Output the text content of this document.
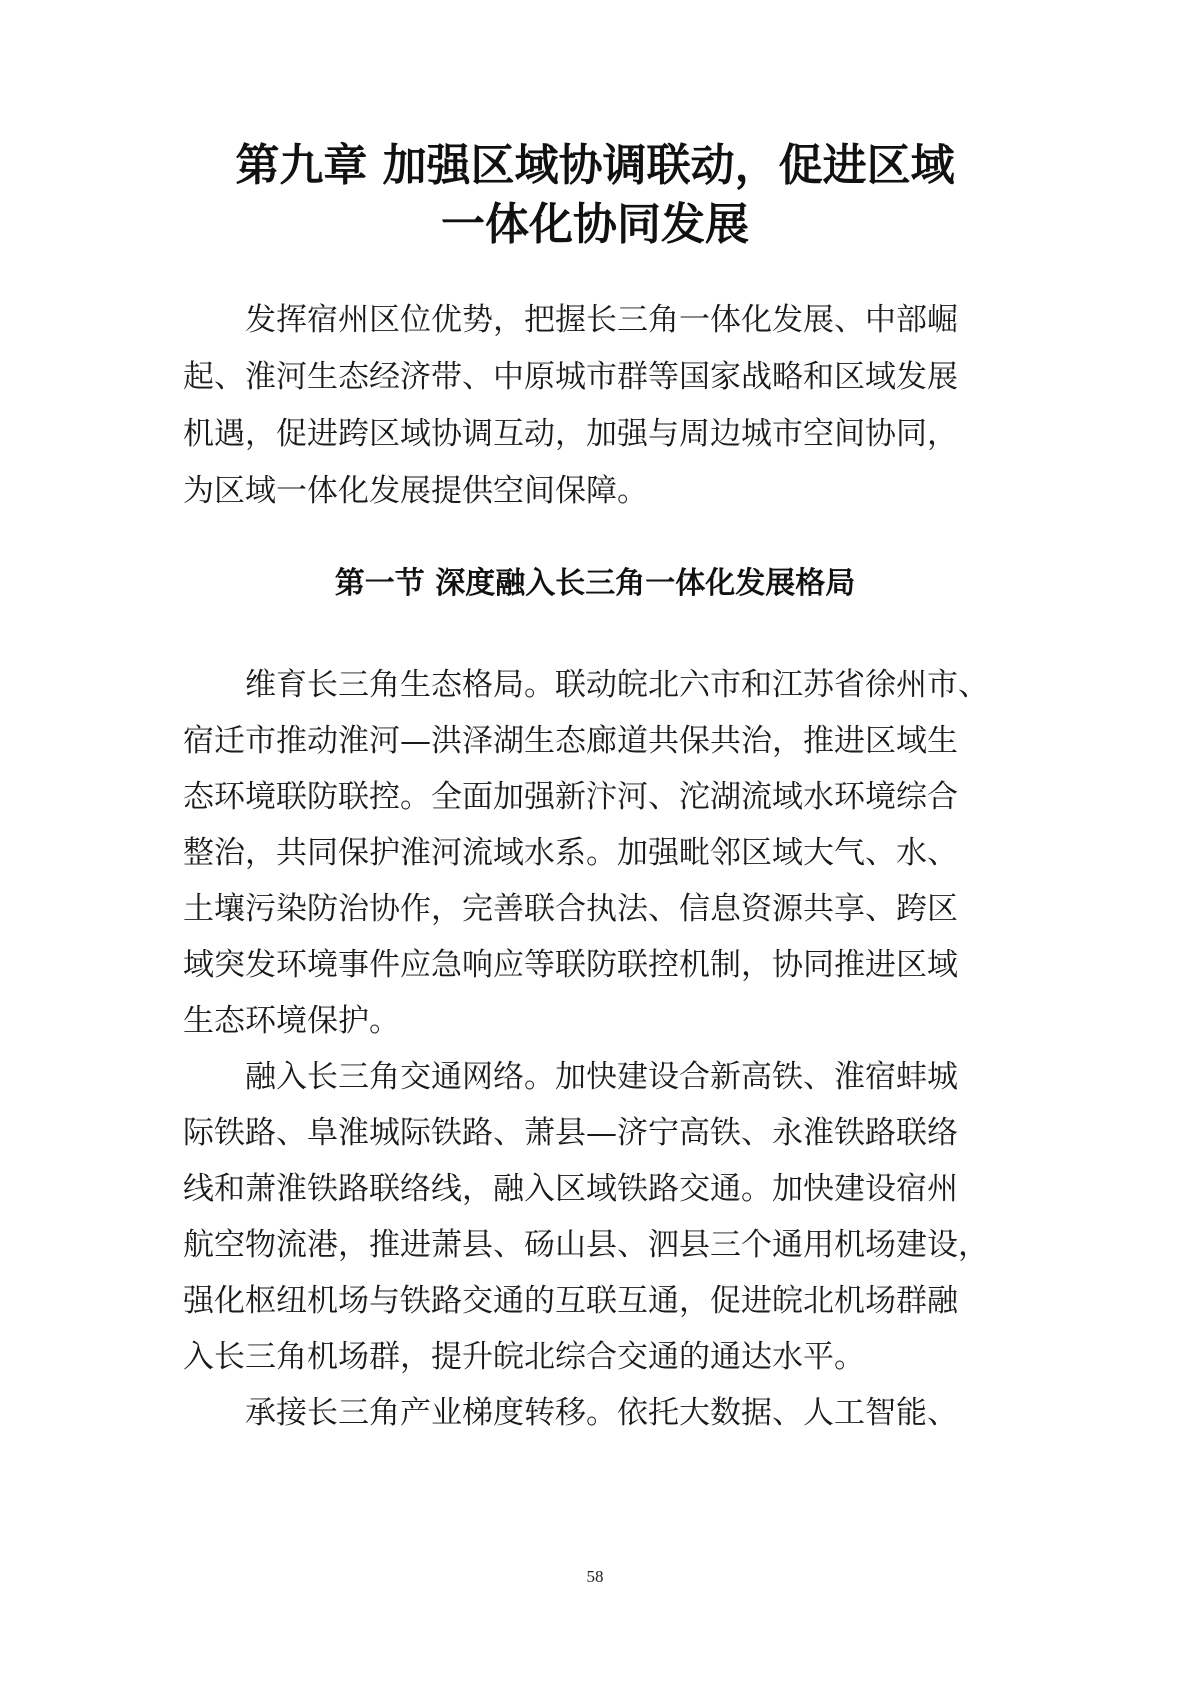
第九章 加强区域协调联动，促进区域
一体化协同发展
发挥宿州区位优势，把握长三角一体化发展、中部崛
起、淮河生态经济带、中原城市群等国家战略和区域发展
机遇，促进跨区域协调互动，加强与周边城市空间协同，
为区域一体化发展提供空间保障。
第一节 深度融入长三角一体化发展格局
维育长三角生态格局。联动皖北六市和江苏省徐州市、
宿迁市推动淮河—洪泽湖生态廊道共保共治，推进区域生
态环境联防联控。全面加强新汴河、沱湖流域水环境综合
整治，共同保护淮河流域水系。加强毗邻区域大气、水、
土壤污染防治协作，完善联合执法、信息资源共享、跨区
域突发环境事件应急响应等联防联控机制，协同推进区域
生态环境保护。
融入长三角交通网络。加快建设合新高铁、淮宿蚌城
际铁路、阜淮城际铁路、萧县—济宁高铁、永淮铁路联络
线和萧淮铁路联络线，融入区域铁路交通。加快建设宿州
航空物流港，推进萧县、砀山县、泗县三个通用机场建设，
强化枢纽机场与铁路交通的互联互通，促进皖北机场群融
入长三角机场群，提升皖北综合交通的通达水平。
承接长三角产业梯度转移。依托大数据、人工智能、
58
